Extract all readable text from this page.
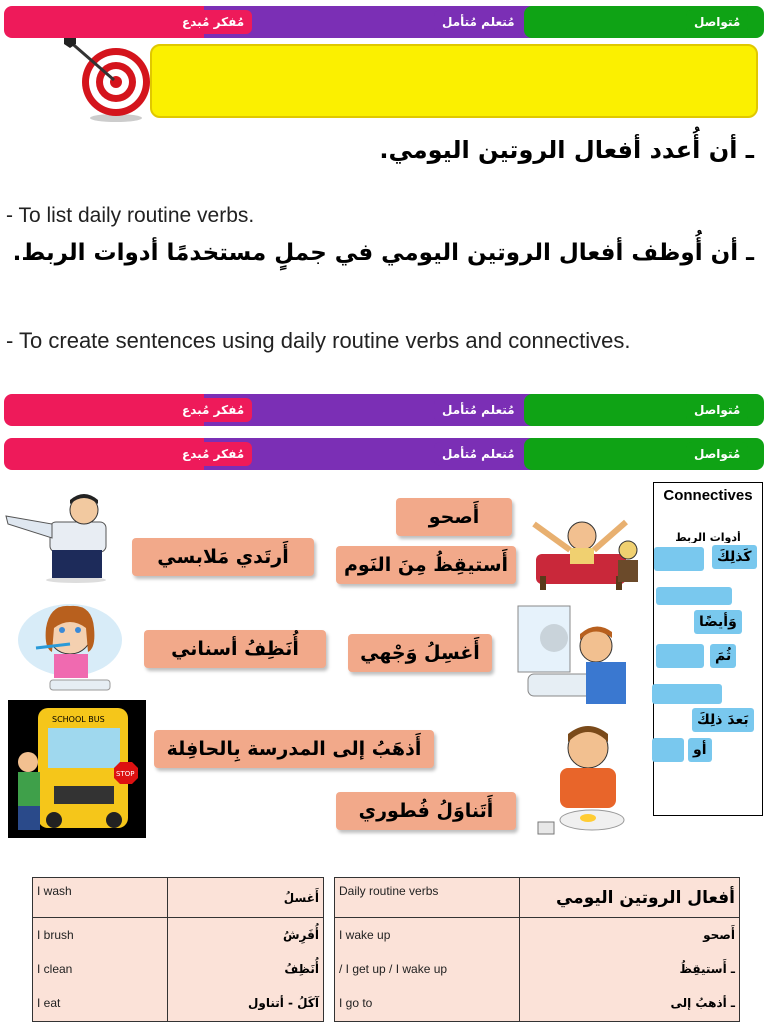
مُفكر مُبدع	مُتعلم مُتأمل	مُتواصل
ـ أن أُعدد أفعال الروتين اليومي.
- To list daily routine verbs.
ـ أن أُوظف أفعال الروتين اليومي في جملٍ مستخدمًا أدوات الربط.
- To create sentences using daily routine verbs and connectives.
مُفكر مُبدع	مُتعلم مُتأمل	مُتواصل
مُفكر مُبدع	مُتعلم مُتأمل	مُتواصل
SCHOOL BUS
STOP
أَصحو
أَستيقِظُ مِنَ النَوم
أَرتَدي مَلابسي
أُنَظِفُ أسناني	أَغسِلُ وَجْهي
أَذهَبُ إلى المدرسة بِالحافِلة
أَتَناوَلُ فُطوري
Connectives
أدوات الربط
كَذلِكَ
وَأيضًا
ثُمَ
بَعدَ ذلِكَ
أو
I wash	أَغسلُ
I brush	أُفَرِشُ
I clean	أُنَظِفُ
I eat	آكَلُ - أتناول
Daily routine verbs	أفعال الروتين اليومي
I wake up	أَصحو
/ I get up / I wake up	ـ أَستيقِظُ
I go to	ـ أذهبُ إلى
